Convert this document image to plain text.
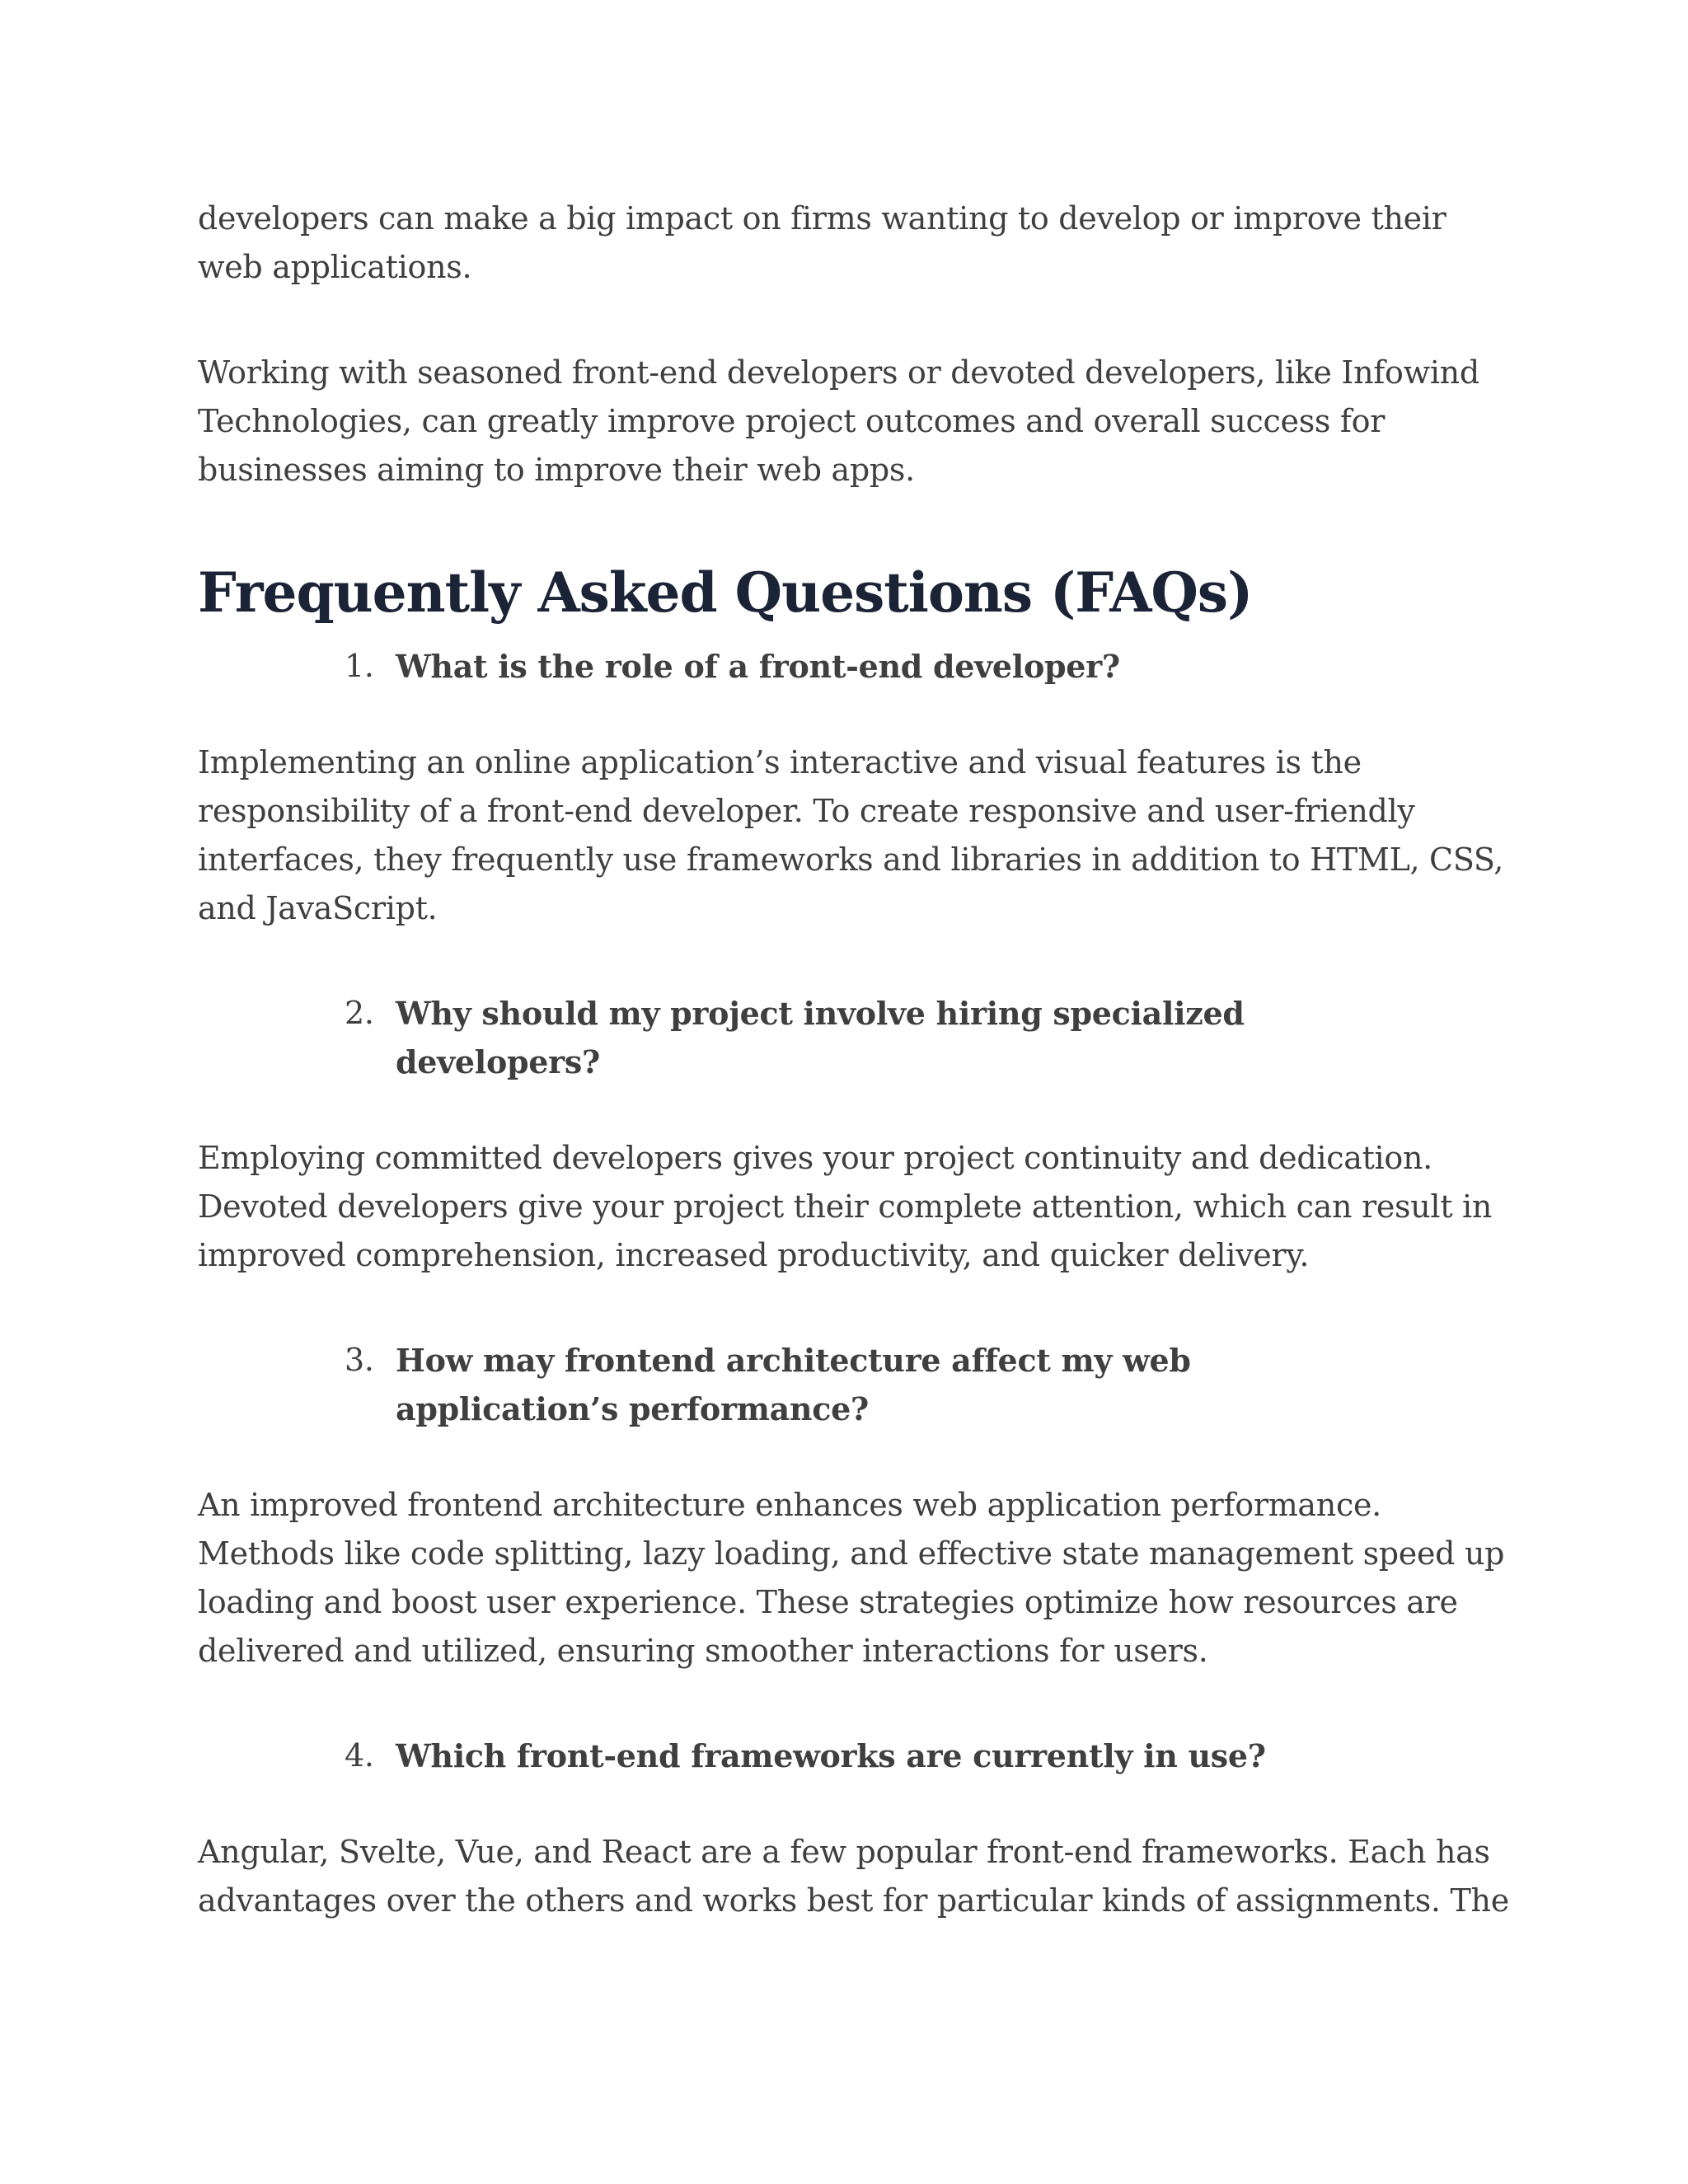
developers can make a big impact on firms wanting to develop or improve their web applications.

Working with seasoned front-end developers or devoted developers, like Infowind Technologies, can greatly improve project outcomes and overall success for businesses aiming to improve their web apps.

Frequently Asked Questions (FAQs)
1. What is the role of a front-end developer?

Implementing an online application’s interactive and visual features is the responsibility of a front-end developer. To create responsive and user-friendly interfaces, they frequently use frameworks and libraries in addition to HTML, CSS, and JavaScript.

2. Why should my project involve hiring specialized developers?

Employing committed developers gives your project continuity and dedication. Devoted developers give your project their complete attention, which can result in improved comprehension, increased productivity, and quicker delivery.

3. How may frontend architecture affect my web application’s performance?

An improved frontend architecture enhances web application performance. Methods like code splitting, lazy loading, and effective state management speed up loading and boost user experience. These strategies optimize how resources are delivered and utilized, ensuring smoother interactions for users.

4. Which front-end frameworks are currently in use?

Angular, Svelte, Vue, and React are a few popular front-end frameworks. Each has advantages over the others and works best for particular kinds of assignments. The
